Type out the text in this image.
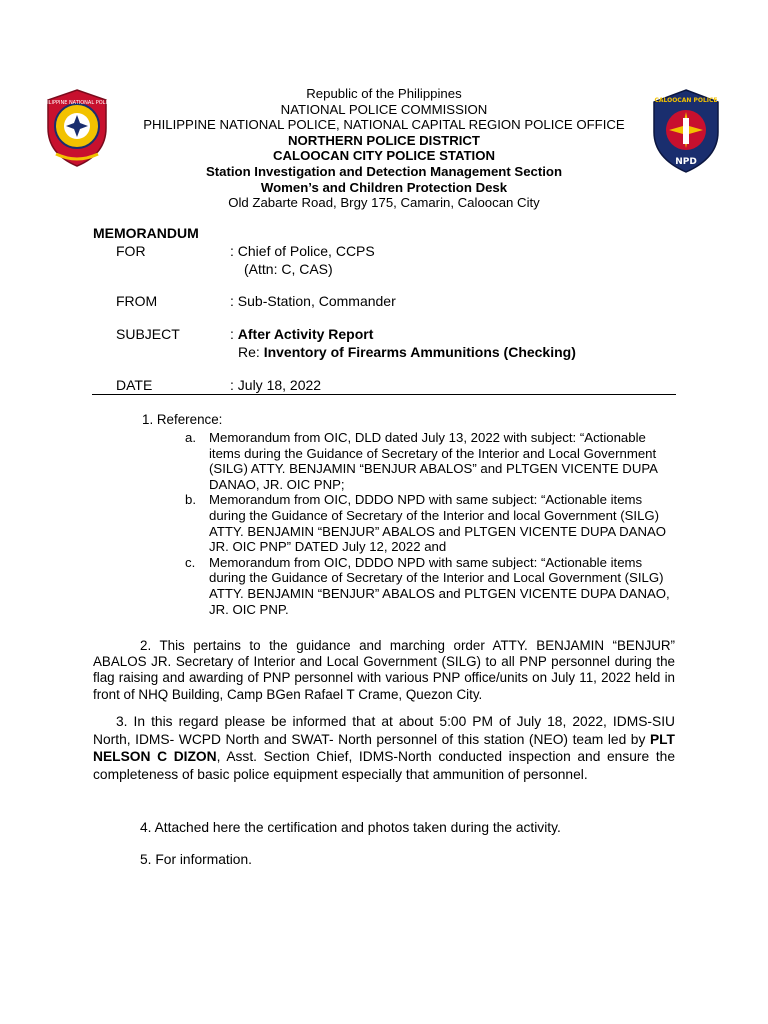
PHILIPPINE NATIONAL POLICE	CALOOCAN POLICE
NPD
Republic of the Philippines
NATIONAL POLICE COMMISSION
PHILIPPINE NATIONAL POLICE, NATIONAL CAPITAL REGION POLICE OFFICE
NORTHERN POLICE DISTRICT
CALOOCAN CITY POLICE STATION
Station Investigation and Detection Management Section
Women’s and Children Protection Desk
Old Zabarte Road, Brgy 175, Camarin, Caloocan City
MEMORANDUM
FOR	: Chief of Police, CCPS
(Attn: C, CAS)
FROM	: Sub-Station, Commander
SUBJECT	: After Activity Report
Re: Inventory of Firearms Ammunitions (Checking)
DATE	: July 18, 2022
1. Reference:

a. Memorandum from OIC, DLD dated July 13, 2022 with subject: “Actionable items during the Guidance of Secretary of the Interior and Local Government (SILG) ATTY. BENJAMIN “BENJUR ABALOS” and PLTGEN VICENTE DUPA DANAO, JR. OIC PNP;

b. Memorandum from OIC, DDDO NPD with same subject: “Actionable items during the Guidance of Secretary of the Interior and local Government (SILG) ATTY. BENJAMIN “BENJUR” ABALOS and PLTGEN VICENTE DUPA DANAO JR. OIC PNP” DATED July 12, 2022 and

c. Memorandum from OIC, DDDO NPD with same subject: “Actionable items during the Guidance of Secretary of the Interior and Local Government (SILG) ATTY. BENJAMIN “BENJUR” ABALOS and PLTGEN VICENTE DUPA DANAO, JR. OIC PNP.

2. This pertains to the guidance and marching order ATTY. BENJAMIN “BENJUR” ABALOS JR. Secretary of Interior and Local Government (SILG) to all PNP personnel during the flag raising and awarding of PNP personnel with various PNP office/units on July 11, 2022 held in front of NHQ Building, Camp BGen Rafael T Crame, Quezon City.
3. In this regard please be informed that at about 5:00 PM of July 18, 2022, IDMS-SIU North, IDMS- WCPD North and SWAT- North personnel of this station (NEO) team led by PLT NELSON C DIZON, Asst. Section Chief, IDMS-North conducted inspection and ensure the completeness of basic police equipment especially that ammunition of personnel.
4. Attached here the certification and photos taken during the activity.
5. For information.
